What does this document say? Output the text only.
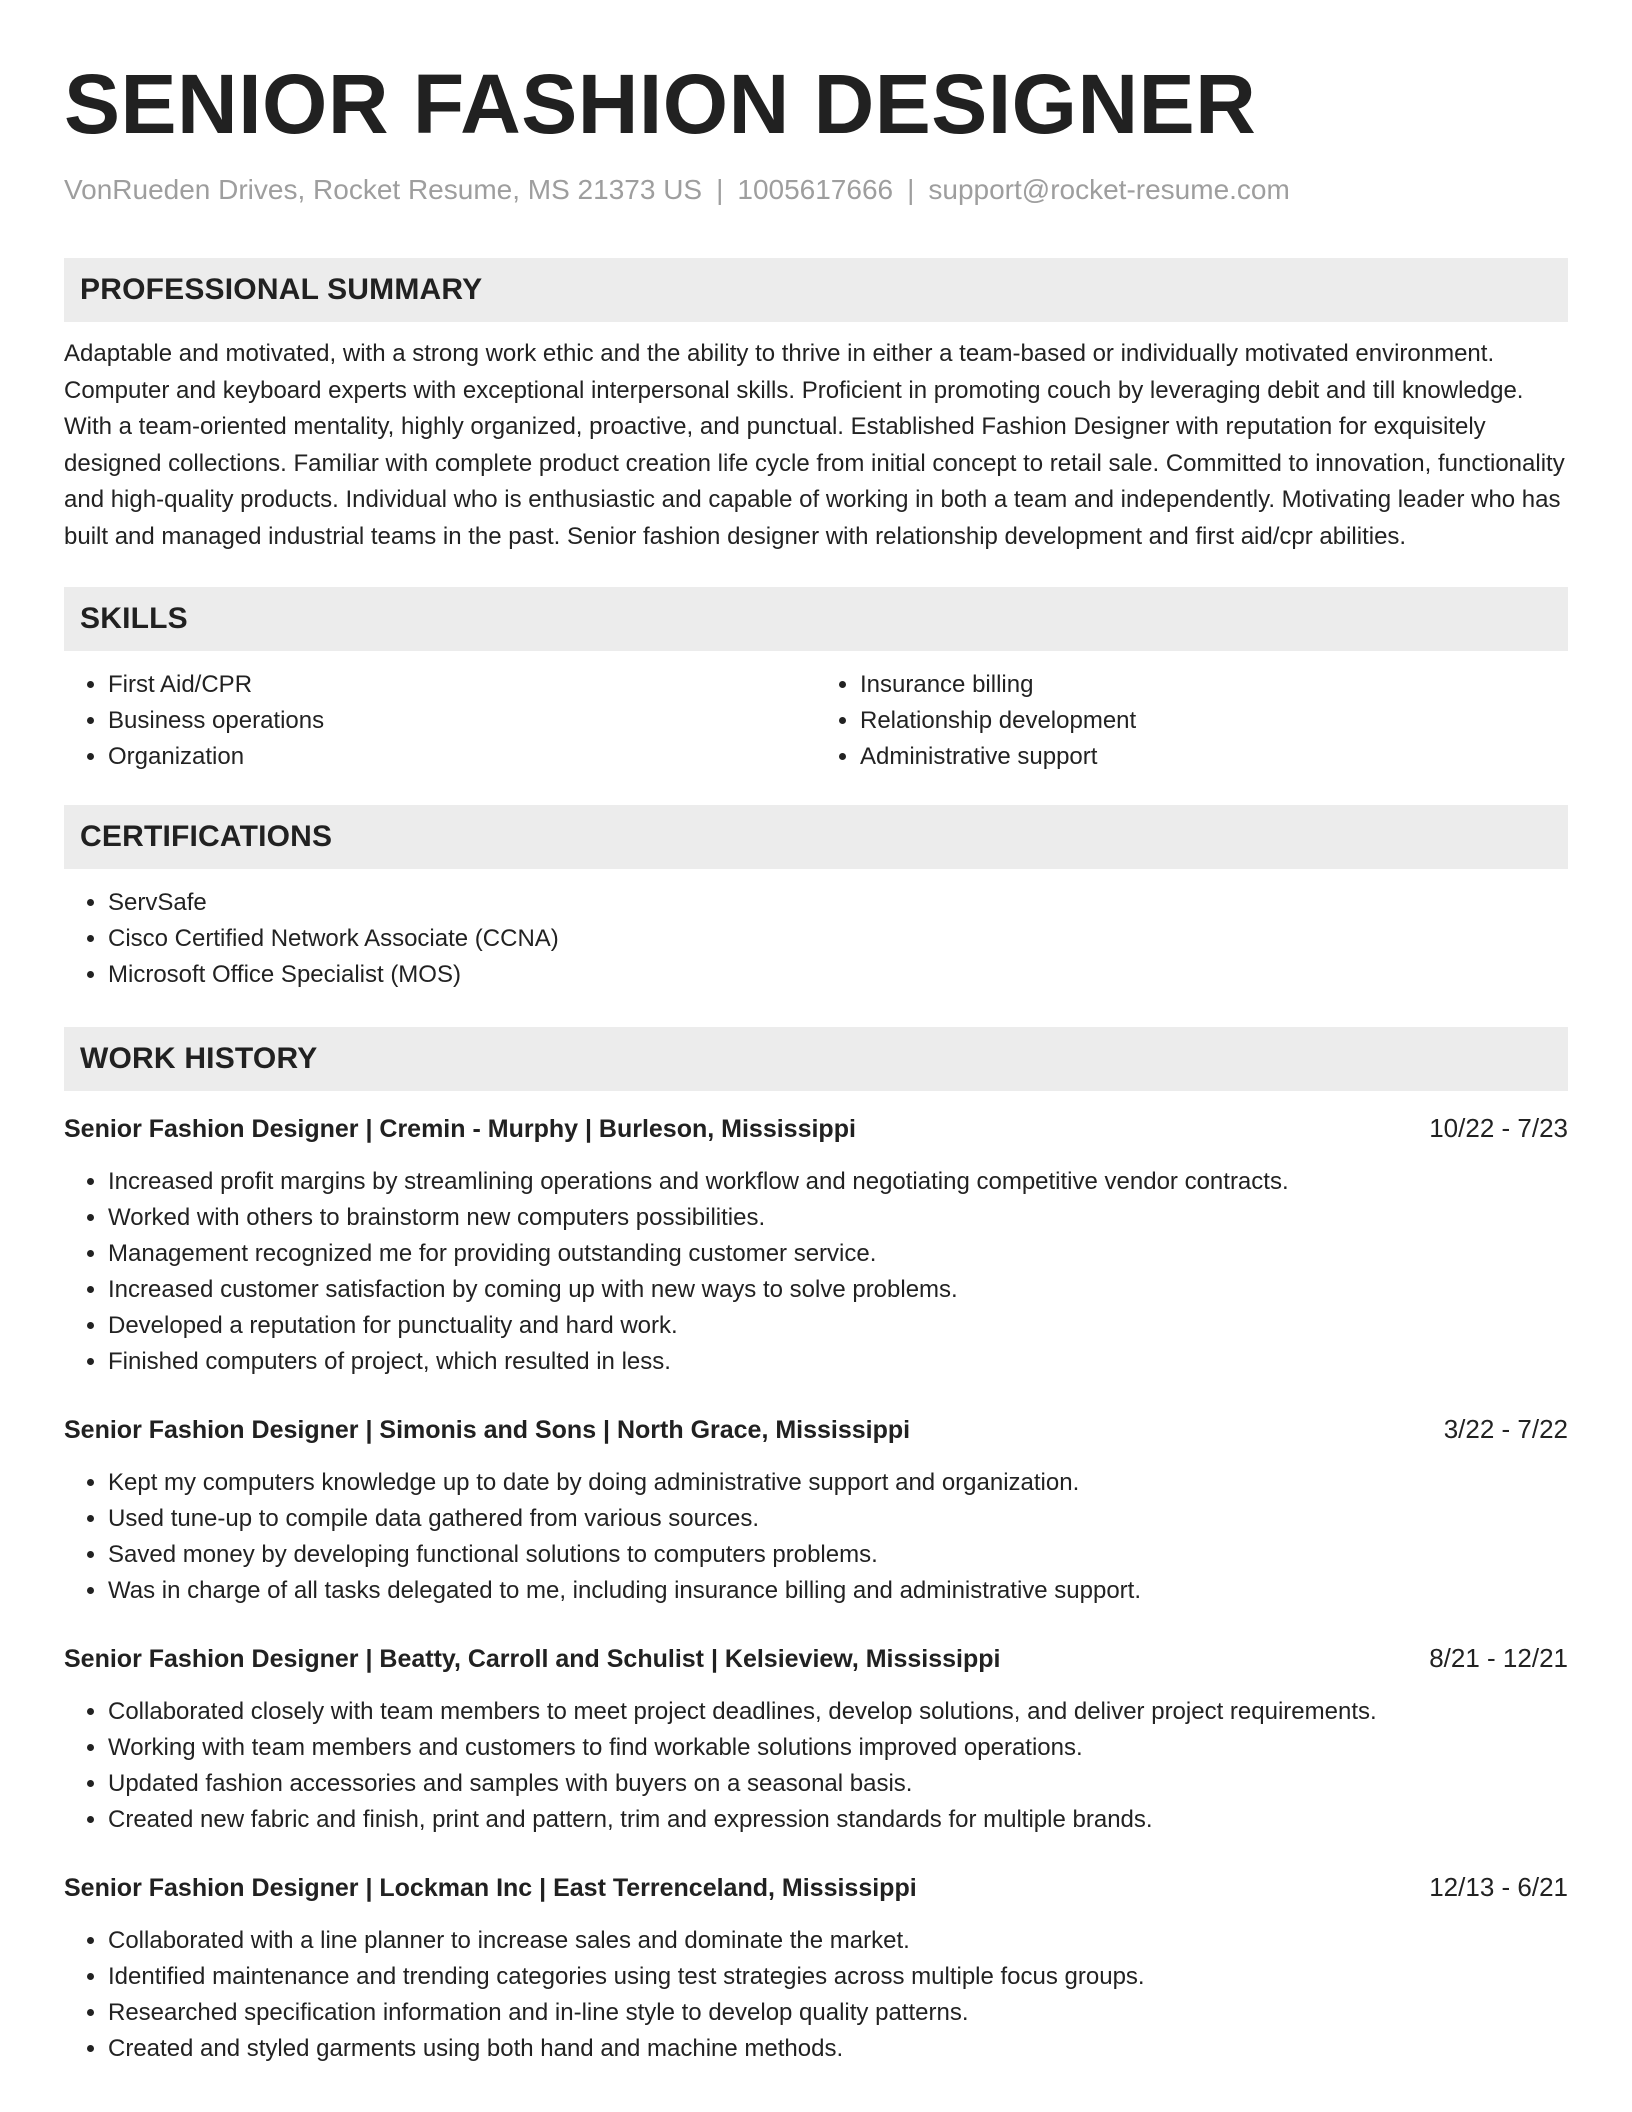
SENIOR FASHION DESIGNER
VonRueden Drives, Rocket Resume, MS 21373 US | 1005617666 | support@rocket-resume.com
PROFESSIONAL SUMMARY
Adaptable and motivated, with a strong work ethic and the ability to thrive in either a team-based or individually motivated environment. Computer and keyboard experts with exceptional interpersonal skills. Proficient in promoting couch by leveraging debit and till knowledge. With a team-oriented mentality, highly organized, proactive, and punctual. Established Fashion Designer with reputation for exquisitely designed collections. Familiar with complete product creation life cycle from initial concept to retail sale. Committed to innovation, functionality and high-quality products. Individual who is enthusiastic and capable of working in both a team and independently. Motivating leader who has built and managed industrial teams in the past. Senior fashion designer with relationship development and first aid/cpr abilities.
SKILLS
• First Aid/CPR
• Business operations
• Organization
• Insurance billing
• Relationship development
• Administrative support
CERTIFICATIONS
• ServSafe
• Cisco Certified Network Associate (CCNA)
• Microsoft Office Specialist (MOS)
WORK HISTORY
Senior Fashion Designer | Cremin - Murphy | Burleson, Mississippi	10/22 - 7/23
• Increased profit margins by streamlining operations and workflow and negotiating competitive vendor contracts.
• Worked with others to brainstorm new computers possibilities.
• Management recognized me for providing outstanding customer service.
• Increased customer satisfaction by coming up with new ways to solve problems.
• Developed a reputation for punctuality and hard work.
• Finished computers of project, which resulted in less.
Senior Fashion Designer | Simonis and Sons | North Grace, Mississippi	3/22 - 7/22
• Kept my computers knowledge up to date by doing administrative support and organization.
• Used tune-up to compile data gathered from various sources.
• Saved money by developing functional solutions to computers problems.
• Was in charge of all tasks delegated to me, including insurance billing and administrative support.
Senior Fashion Designer | Beatty, Carroll and Schulist | Kelsieview, Mississippi	8/21 - 12/21
• Collaborated closely with team members to meet project deadlines, develop solutions, and deliver project requirements.
• Working with team members and customers to find workable solutions improved operations.
• Updated fashion accessories and samples with buyers on a seasonal basis.
• Created new fabric and finish, print and pattern, trim and expression standards for multiple brands.
Senior Fashion Designer | Lockman Inc | East Terrenceland, Mississippi	12/13 - 6/21
• Collaborated with a line planner to increase sales and dominate the market.
• Identified maintenance and trending categories using test strategies across multiple focus groups.
• Researched specification information and in-line style to develop quality patterns.
• Created and styled garments using both hand and machine methods.
